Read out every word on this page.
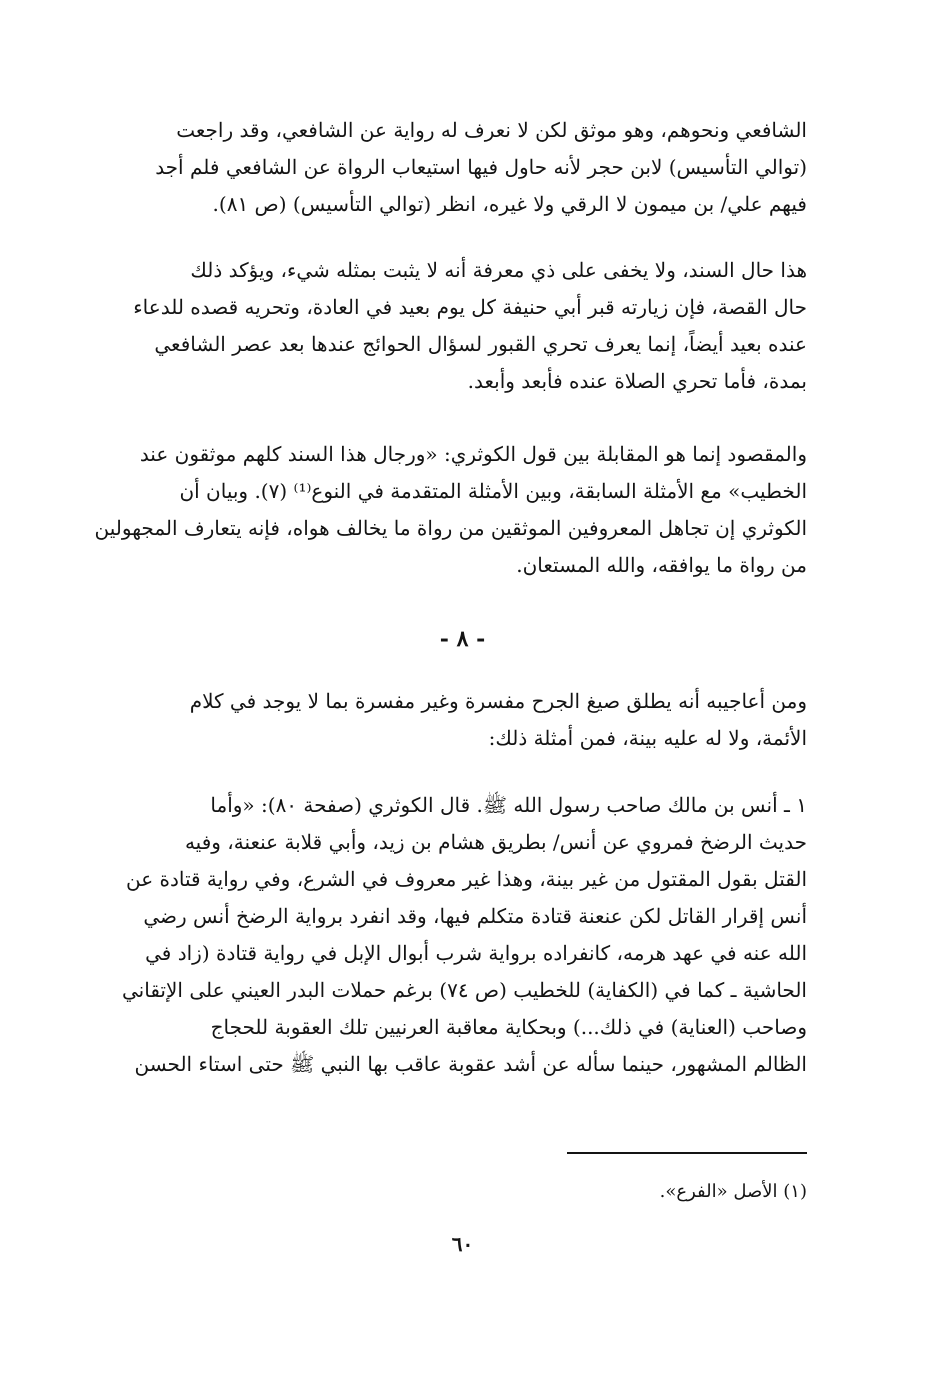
الشافعي ونحوهم، وهو موثق لكن لا نعرف له رواية عن الشافعي، وقد راجعت
(توالي التأسيس) لابن حجر لأنه حاول فيها استيعاب الرواة عن الشافعي فلم أجد
فيهم علي/ بن ميمون لا الرقي ولا غيره، انظر (توالي التأسيس) (ص ٨١).
هذا حال السند، ولا يخفى على ذي معرفة أنه لا يثبت بمثله شيء، ويؤكد ذلك
حال القصة، فإن زيارته قبر أبي حنيفة كل يوم بعيد في العادة، وتحريه قصده للدعاء
عنده بعيد أيضاً، إنما يعرف تحري القبور لسؤال الحوائج عندها بعد عصر الشافعي
بمدة، فأما تحري الصلاة عنده فأبعد وأبعد.
والمقصود إنما هو المقابلة بين قول الكوثري: «ورجال هذا السند كلهم موثقون عند
الخطيب» مع الأمثلة السابقة، وبين الأمثلة المتقدمة في النوع⁽¹⁾ (٧). وبيان أن
الكوثري إن تجاهل المعروفين الموثقين من رواة ما يخالف هواه، فإنه يتعارف المجهولين
من رواة ما يوافقه، والله المستعان.
- ٨ -
ومن أعاجيبه أنه يطلق صيغ الجرح مفسرة وغير مفسرة بما لا يوجد في كلام
الأئمة، ولا له عليه بينة، فمن أمثلة ذلك:
١ ـ أنس بن مالك صاحب رسول الله ﷺ. قال الكوثري (صفحة ٨٠): «وأما
حديث الرضخ فمروي عن أنس/ بطريق هشام بن زيد، وأبي قلابة عنعنة، وفيه
القتل بقول المقتول من غير بينة، وهذا غير معروف في الشرع، وفي رواية قتادة عن
أنس إقرار القاتل لكن عنعنة قتادة متكلم فيها، وقد انفرد برواية الرضخ أنس رضي
الله عنه في عهد هرمه، كانفراده برواية شرب أبوال الإبل في رواية قتادة (زاد في
الحاشية ـ كما في (الكفاية) للخطيب (ص ٧٤) برغم حملات البدر العيني على الإتقاني
وصاحب (العناية) في ذلك...) وبحكاية معاقبة العرنيين تلك العقوبة للحجاج
الظالم المشهور، حينما سأله عن أشد عقوبة عاقب بها النبي ﷺ حتى استاء الحسن
(١) الأصل «الفرع».
٦٠
